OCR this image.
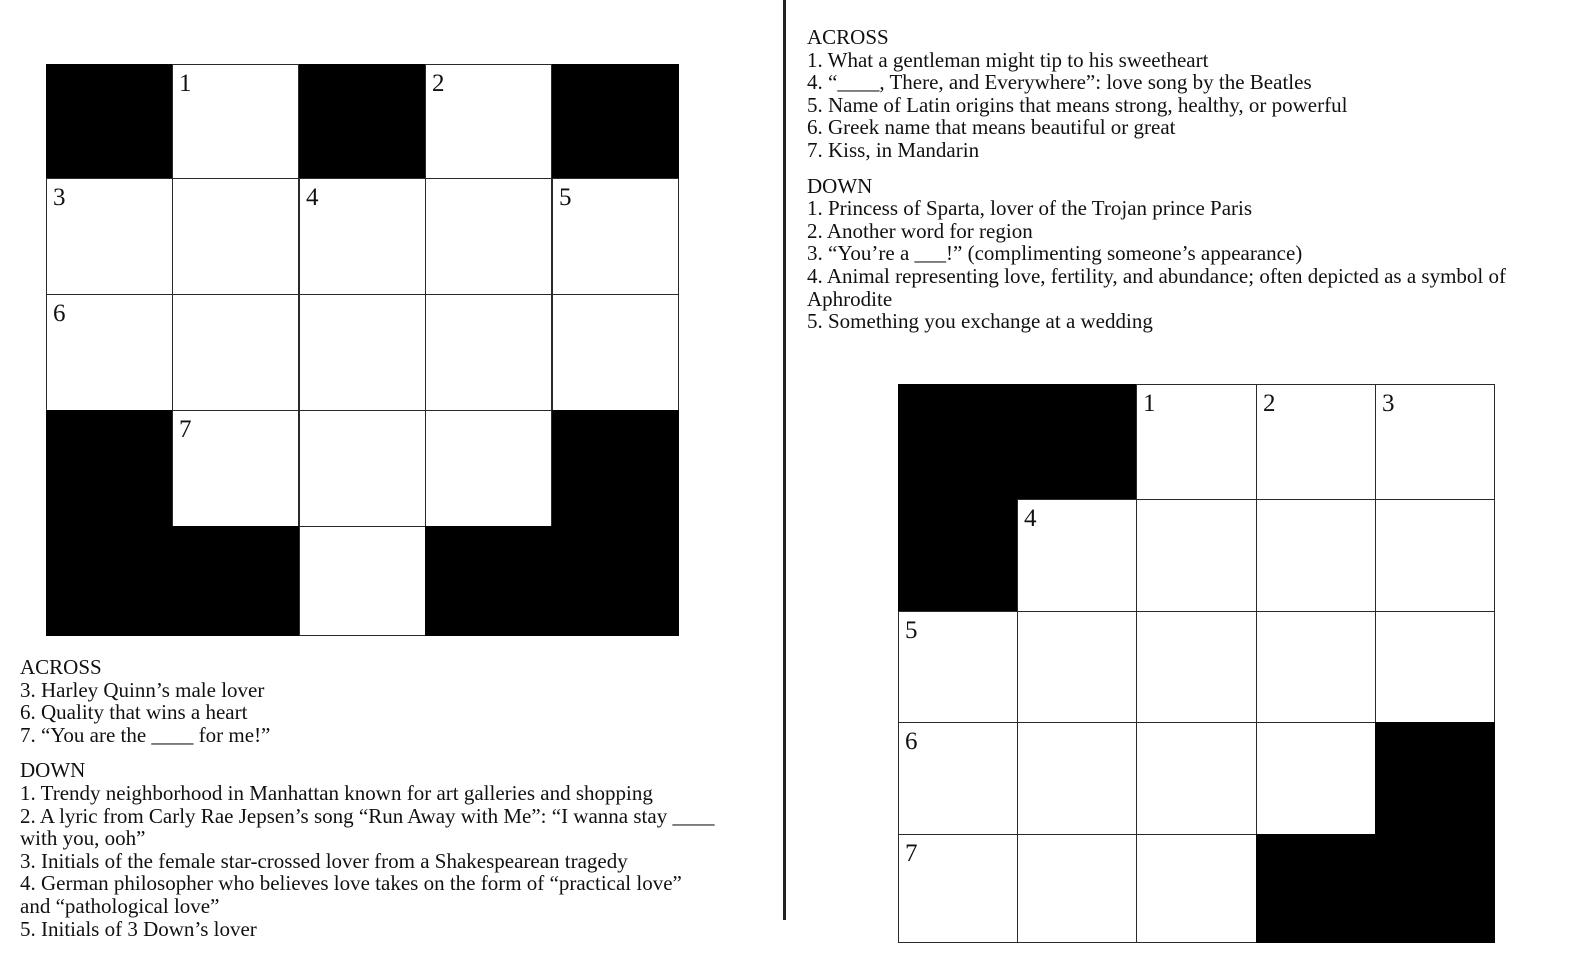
1	2
3	4	5
6
7
ACROSS
3. Harley Quinn’s male lover
6. Quality that wins a heart
7. “You are the ____ for me!”
DOWN
1. Trendy neighborhood in Manhattan known for art galleries and shopping
2. A lyric from Carly Rae Jepsen’s song “Run Away with Me”: “I wanna stay ____
with you, ooh”
3. Initials of the female star-crossed lover from a Shakespearean tragedy
4. German philosopher who believes love takes on the form of “practical love”
and “pathological love”
5. Initials of 3 Down’s lover
ACROSS
1. What a gentleman might tip to his sweetheart
4. “____, There, and Everywhere”: love song by the Beatles
5. Name of Latin origins that means strong, healthy, or powerful
6. Greek name that means beautiful or great
7. Kiss, in Mandarin
DOWN
1. Princess of Sparta, lover of the Trojan prince Paris
2. Another word for region
3. “You’re a ___!” (complimenting someone’s appearance)
4. Animal representing love, fertility, and abundance; often depicted as a symbol of
Aphrodite
5. Something you exchange at a wedding
1	2	3
4
5
6
7
